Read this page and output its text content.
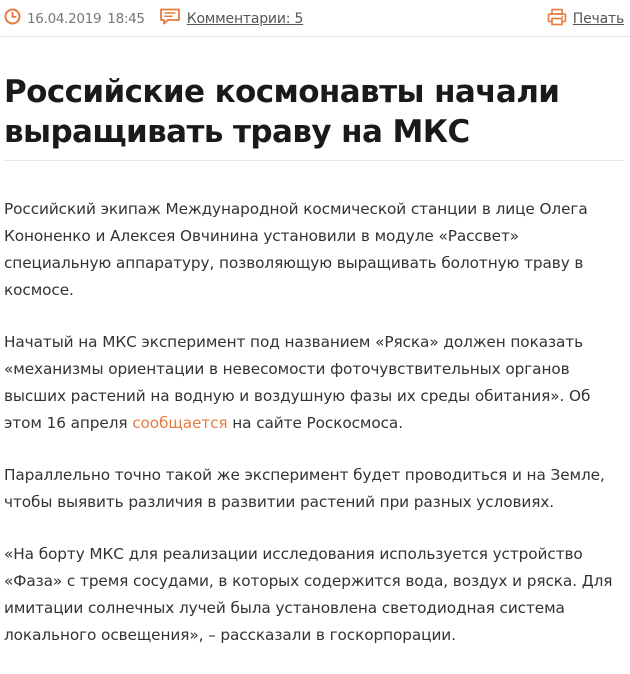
16.04.2019 18:45	Комментарии: 5	Печать
Российские космонавты начали выращивать траву на МКС

Российский экипаж Международной космической станции в лице Олега Кононенко и Алексея Овчинина установили в модуле «Рассвет» специальную аппаратуру, позволяющую выращивать болотную траву в космосе.

Начатый на МКС эксперимент под названием «Ряска» должен показать «механизмы ориентации в невесомости фоточувствительных органов высших растений на водную и воздушную фазы их среды обитания». Об этом 16 апреля сообщается на сайте Роскосмоса.

Параллельно точно такой же эксперимент будет проводиться и на Земле, чтобы выявить различия в развитии растений при разных условиях.

«На борту МКС для реализации исследования используется устройство «Фаза» с тремя сосудами, в которых содержится вода, воздух и ряска. Для имитации солнечных лучей была установлена светодиодная система локального освещения», – рассказали в госкорпорации.
